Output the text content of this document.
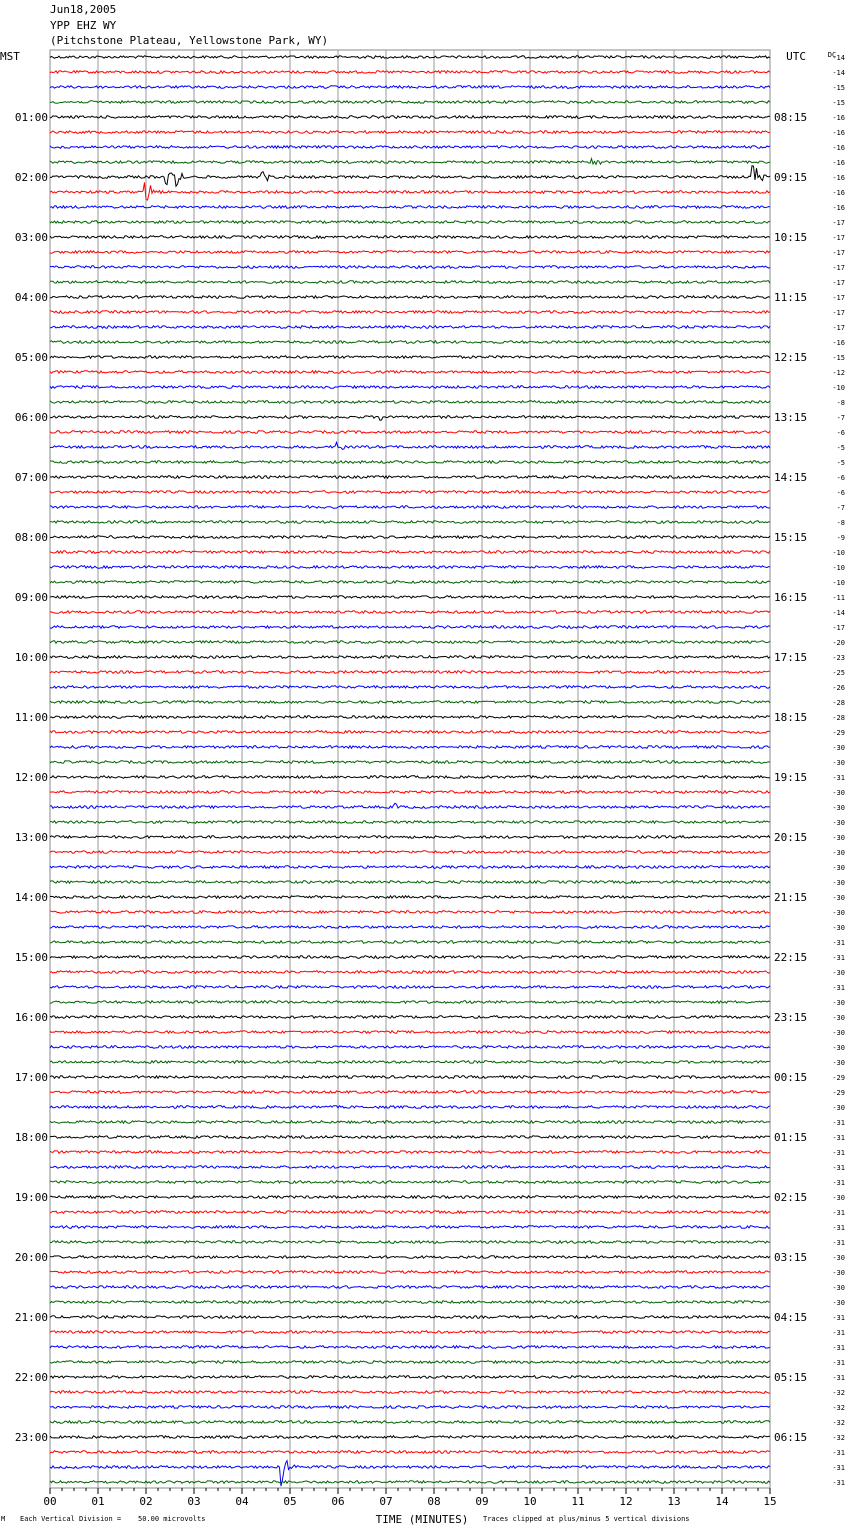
Jun18,2005
YPP EHZ WY
(Pitchstone Plateau, Yellowstone Park, WY)
MST	UTC	DC
01:00
02:00
03:00
04:00
05:00
06:00
07:00
08:00
09:00
10:00
11:00
12:00
13:00
14:00
15:00
16:00
17:00
18:00
19:00
20:00
21:00
22:00
23:00
08:15
09:15
10:15
11:15
12:15
13:15
14:15
15:15
16:15
17:15
18:15
19:15
20:15
21:15
22:15
23:15
00:15
01:15
02:15
03:15
04:15
05:15
06:15
-14
-14
-15
-15
-16
-16
-16
-16
-16
-16
-16
-17
-17
-17
-17
-17
-17
-17
-17
-16
-15
-12
-10
-8
-7
-6
-5
-5
-6
-6
-7
-8
-9
-10
-10
-10
-11
-14
-17
-20
-23
-25
-26
-28
-28
-29
-30
-30
-31
-30
-30
-30
-30
-30
-30
-30
-30
-30
-30
-31
-31
-30
-31
-30
-30
-30
-30
-30
-29
-29
-30
-31
-31
-31
-31
-31
-30
-31
-31
-31
-30
-30
-30
-30
-31
-31
-31
-31
-31
-32
-32
-32
-32
-31
-31
-31
00	01	02	03	04	05	06	07	08	09	10	11	12	13	14	15
TIME (MINUTES)
M Each Vertical Division =    50.00 microvolts	Traces clipped at plus/minus 5 vertical divisions
